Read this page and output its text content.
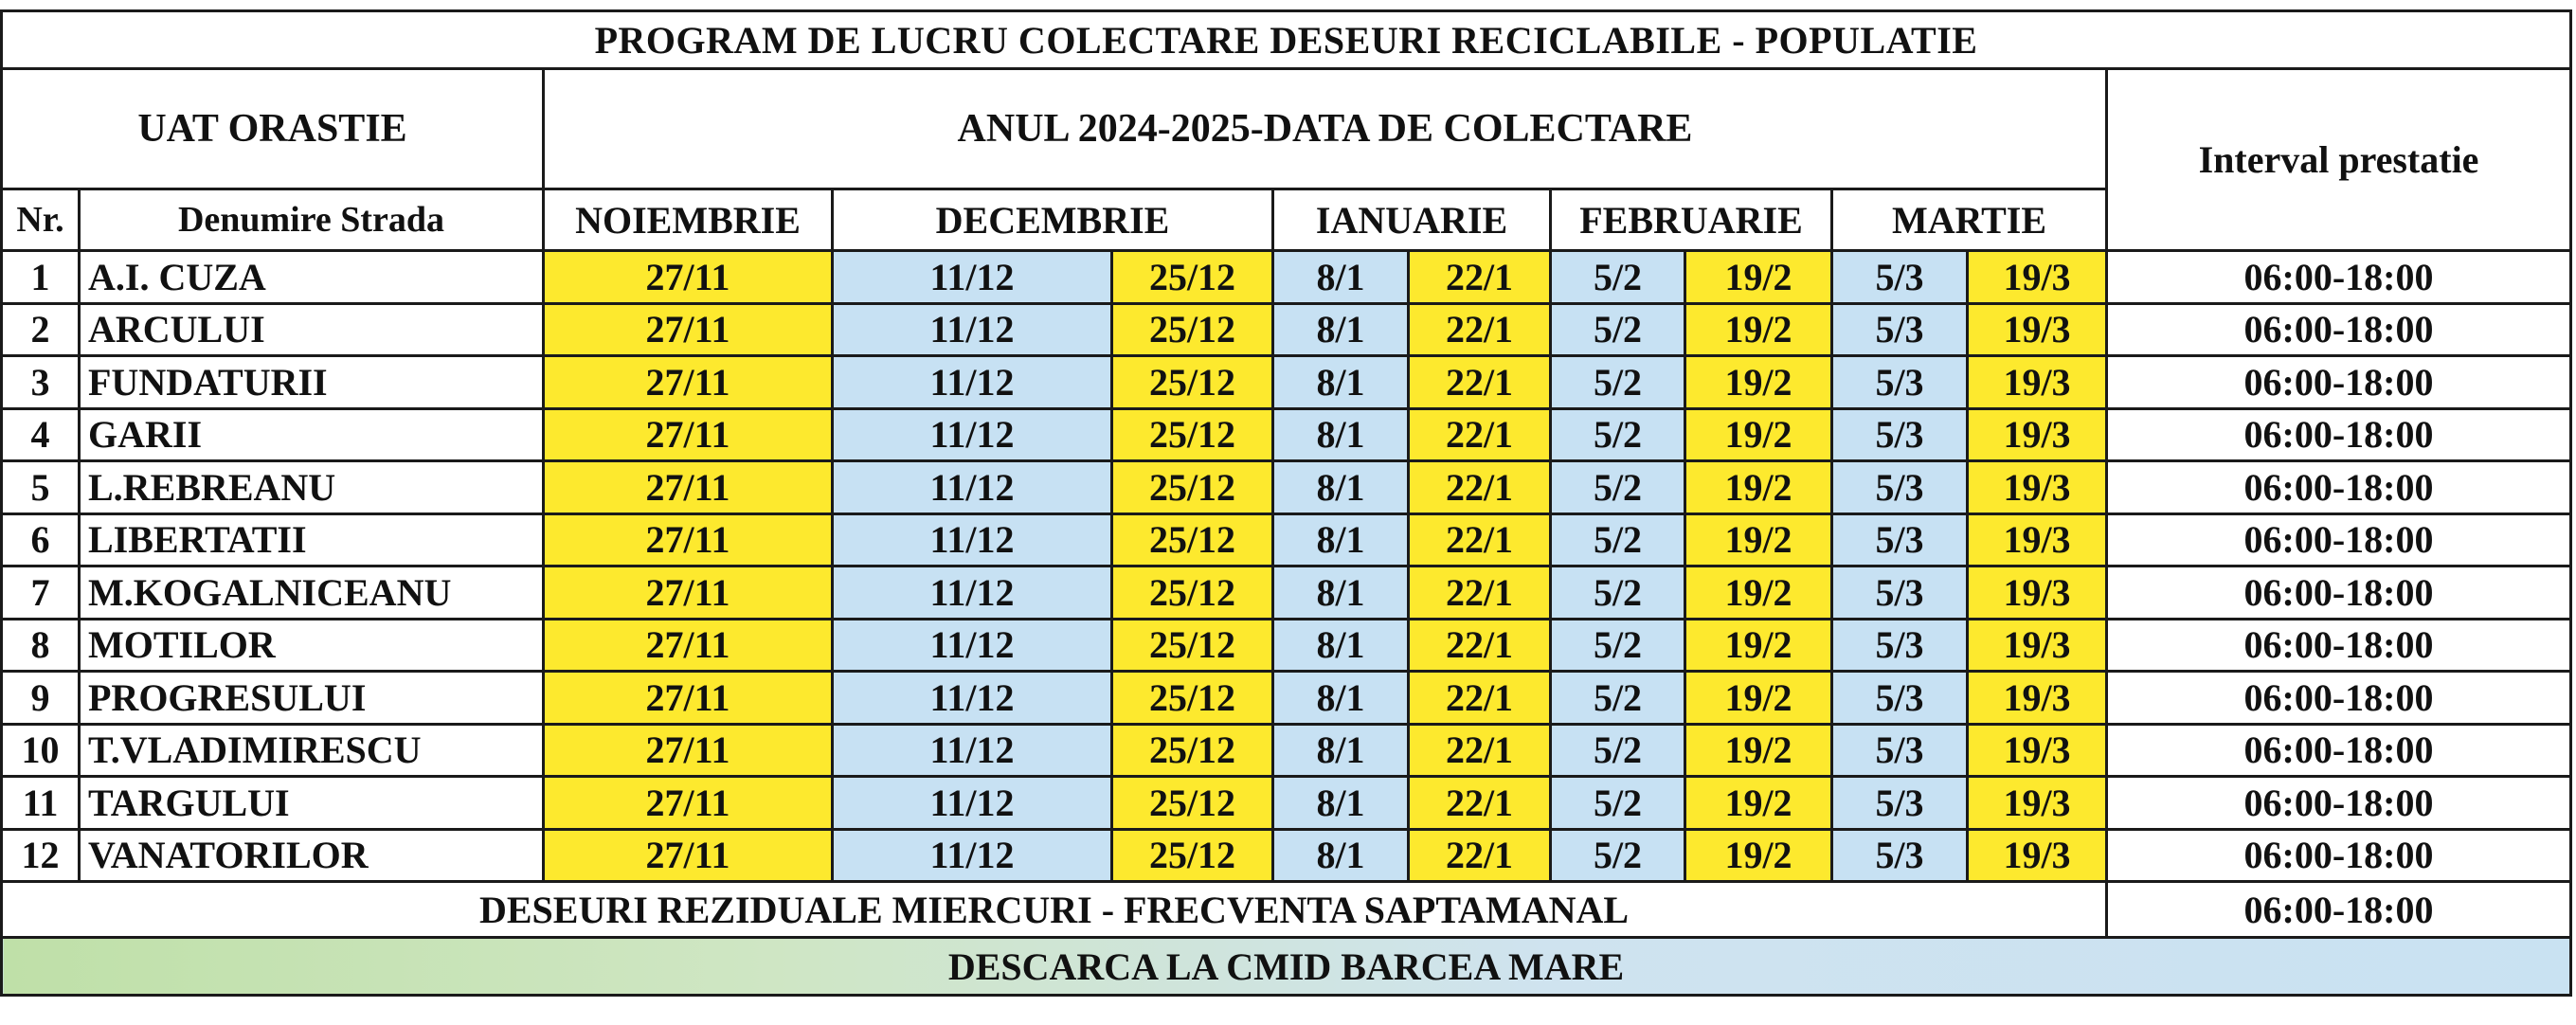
PROGRAM DE LUCRU COLECTARE DESEURI RECICLABILE - POPULATIE											
UAT ORASTIE		ANUL 2024-2025-DATA DE COLECTARE									Interval prestatie
Nr.	Denumire Strada	NOIEMBRIE	DECEMBRIE		IANUARIE		FEBRUARIE		MARTIE		
1	A.I. CUZA	27/11	11/12	25/12	8/1	22/1	5/2	19/2	5/3	19/3	06:00-18:00
2	ARCULUI	27/11	11/12	25/12	8/1	22/1	5/2	19/2	5/3	19/3	06:00-18:00
3	FUNDATURII	27/11	11/12	25/12	8/1	22/1	5/2	19/2	5/3	19/3	06:00-18:00
4	GARII	27/11	11/12	25/12	8/1	22/1	5/2	19/2	5/3	19/3	06:00-18:00
5	L.REBREANU	27/11	11/12	25/12	8/1	22/1	5/2	19/2	5/3	19/3	06:00-18:00
6	LIBERTATII	27/11	11/12	25/12	8/1	22/1	5/2	19/2	5/3	19/3	06:00-18:00
7	M.KOGALNICEANU	27/11	11/12	25/12	8/1	22/1	5/2	19/2	5/3	19/3	06:00-18:00
8	MOTILOR	27/11	11/12	25/12	8/1	22/1	5/2	19/2	5/3	19/3	06:00-18:00
9	PROGRESULUI	27/11	11/12	25/12	8/1	22/1	5/2	19/2	5/3	19/3	06:00-18:00
10	T.VLADIMIRESCU	27/11	11/12	25/12	8/1	22/1	5/2	19/2	5/3	19/3	06:00-18:00
11	TARGULUI	27/11	11/12	25/12	8/1	22/1	5/2	19/2	5/3	19/3	06:00-18:00
12	VANATORILOR	27/11	11/12	25/12	8/1	22/1	5/2	19/2	5/3	19/3	06:00-18:00
DESEURI REZIDUALE MIERCURI - FRECVENTA SAPTAMANAL											06:00-18:00
DESCARCA LA CMID BARCEA MARE											
